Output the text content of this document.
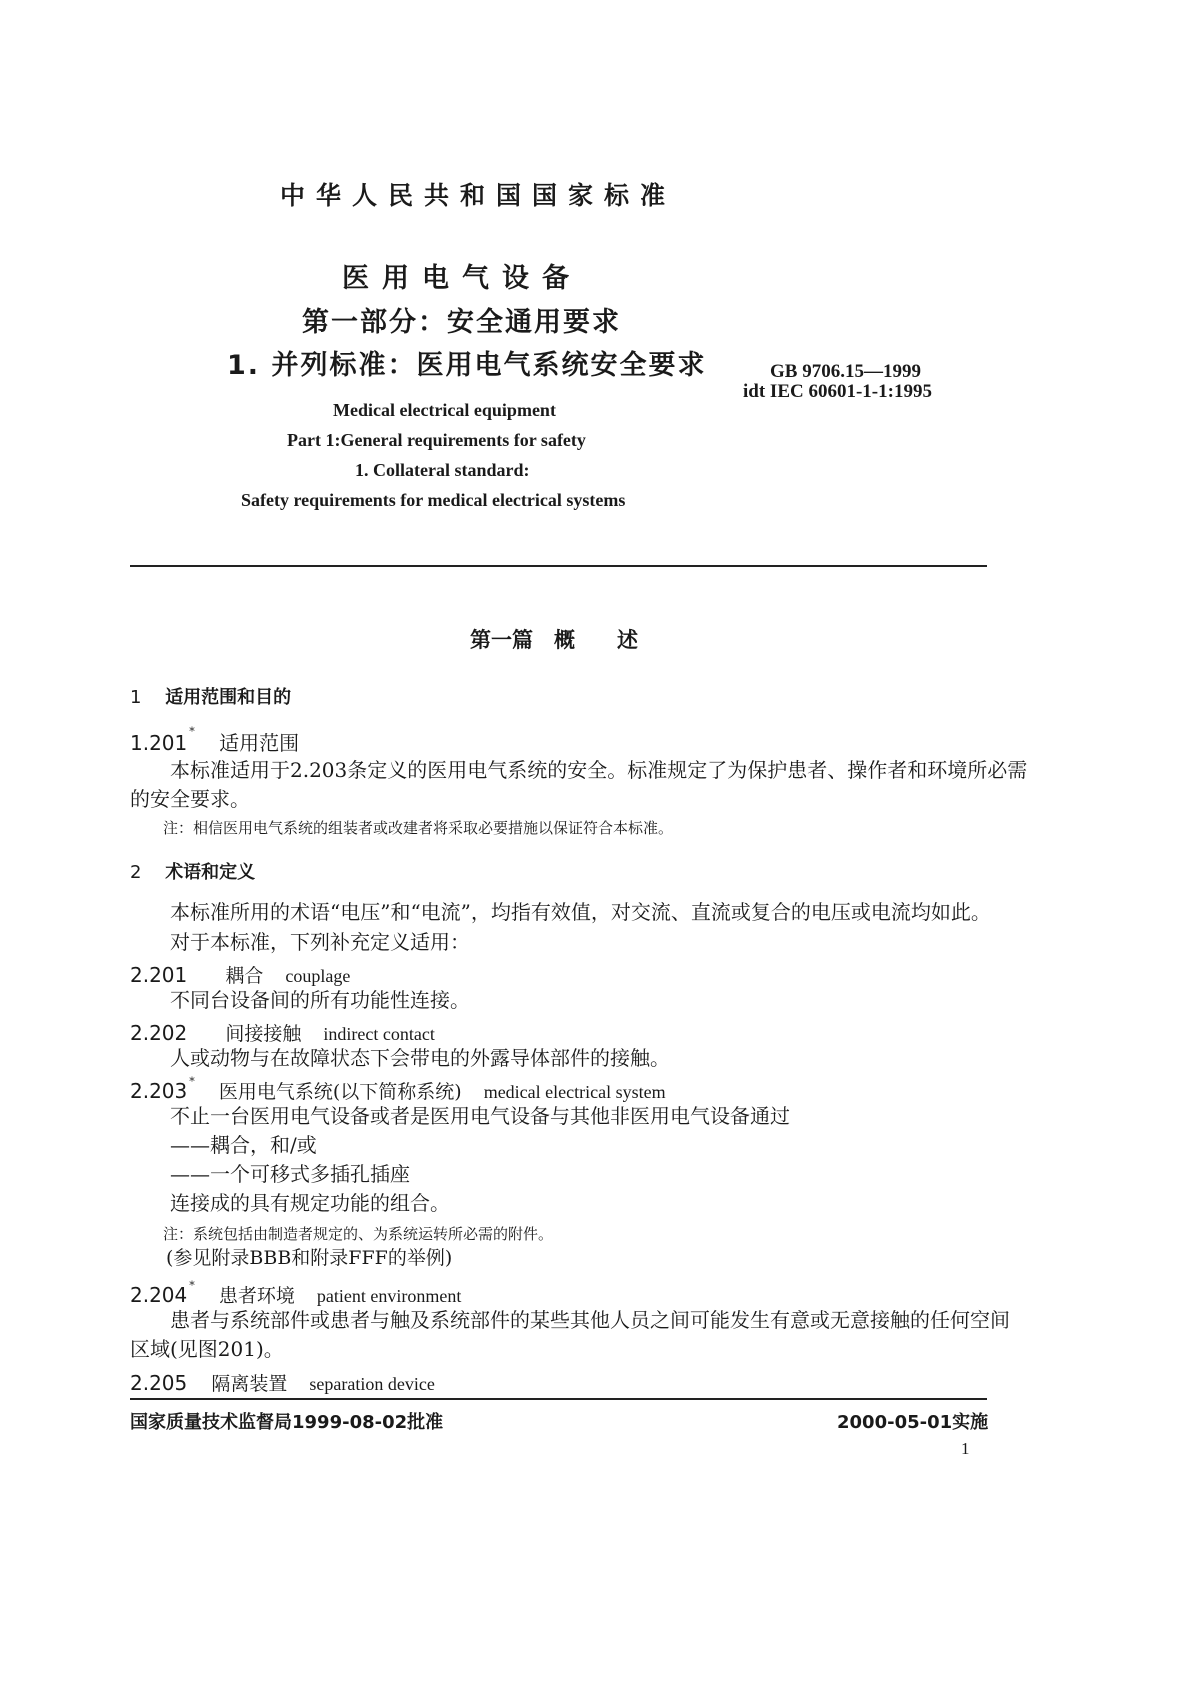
中华人民共和国国家标准
医用电气设备
第一部分：安全通用要求
1. 并列标准：医用电气系统安全要求	GB 9706.15—1999
idt IEC 60601-1-1:1995
Medical electrical equipment
Part 1:General requirements for safety
1. Collateral standard:
Safety requirements for medical electrical systems
第一篇　概　　述
1 适用范围和目的
1.201 * 适用范围
本标准适用于2.203条定义的医用电气系统的安全。标准规定了为保护患者、操作者和环境所必需
的安全要求。
注：相信医用电气系统的组装者或改建者将采取必要措施以保证符合本标准。
2 术语和定义
本标准所用的术语“电压”和“电流”，均指有效值，对交流、直流或复合的电压或电流均如此。
对于本标准，下列补充定义适用：
2.201 耦合 couplage
不同台设备间的所有功能性连接。
2.202 间接接触 indirect contact
人或动物与在故障状态下会带电的外露导体部件的接触。
2.203 * 医用电气系统(以下简称系统) medical electrical system
不止一台医用电气设备或者是医用电气设备与其他非医用电气设备通过
——耦合，和/或
——一个可移式多插孔插座
连接成的具有规定功能的组合。
注：系统包括由制造者规定的、为系统运转所必需的附件。
(参见附录BBB和附录FFF的举例)
2.204 * 患者环境 patient environment
患者与系统部件或患者与触及系统部件的某些其他人员之间可能发生有意或无意接触的任何空间
区域(见图201)。
2.205 隔离装置 separation device
国家质量技术监督局1999-08-02批准	2000-05-01实施
1
